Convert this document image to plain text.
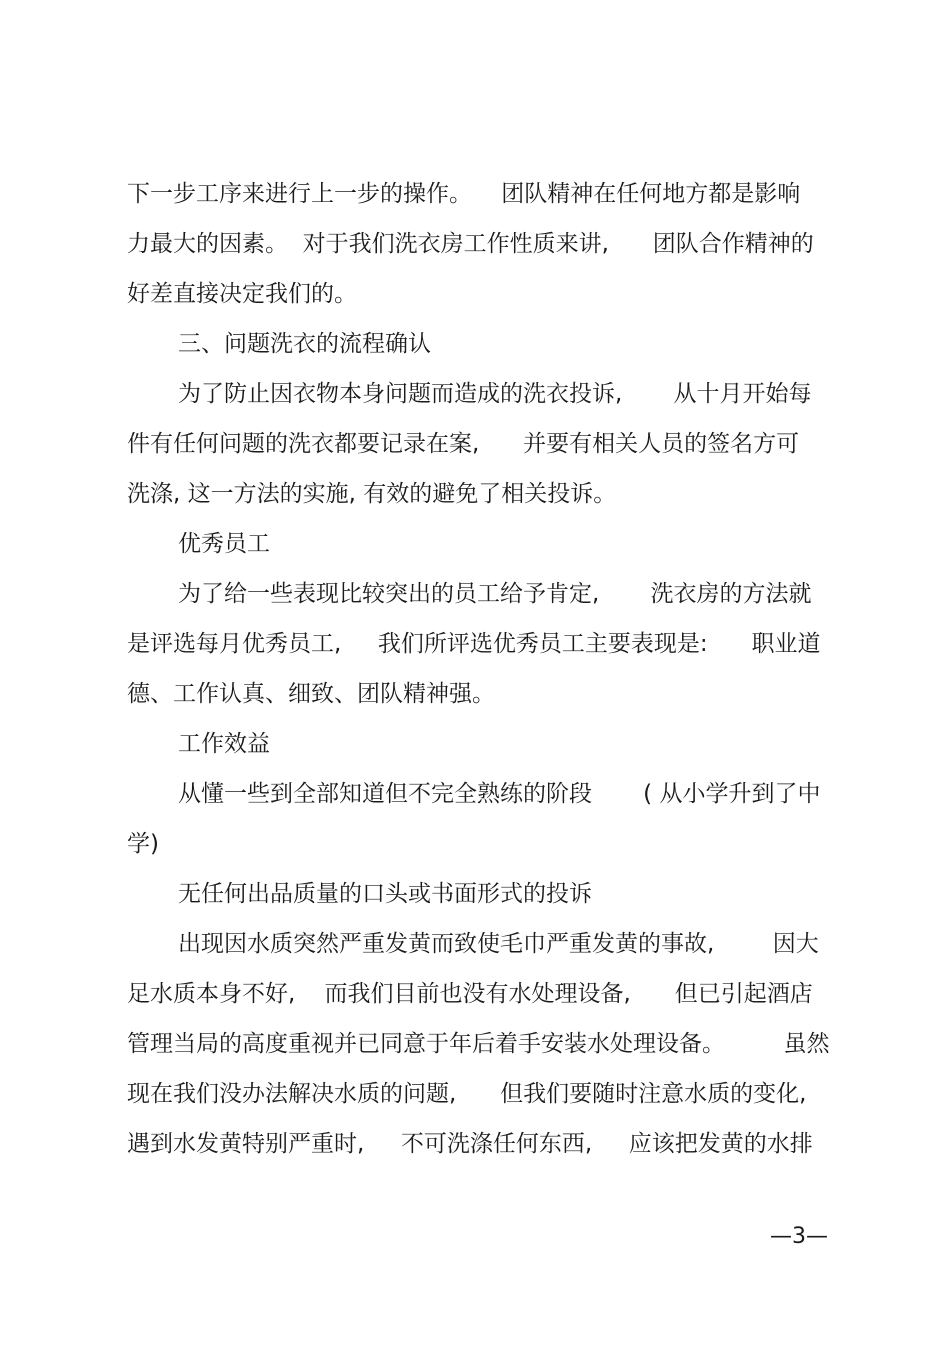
下一步工序来进行上一步的操作。    团队精神在任何地方都是影响
力最大的因素。  对于我们洗衣房工作性质来讲,      团队合作精神的
好差直接决定我们的。
三、问题洗衣的流程确认
为了防止因衣物本身问题而造成的洗衣投诉,       从十月开始每
件有任何问题的洗衣都要记录在案,      并要有相关人员的签名方可
洗涤, 这一方法的实施, 有效的避免了相关投诉。
优秀员工
为了给一些表现比较突出的员工给予肯定,       洗衣房的方法就
是评选每月优秀员工,     我们所评选优秀员工主要表现是:      职业道
德、工作认真、细致、团队精神强。
工作效益
从懂一些到全部知道但不完全熟练的阶段       ( 从小学升到了中
学)
无任何出品质量的口头或书面形式的投诉
出现因水质突然严重发黄而致使毛巾严重发黄的事故,        因大
足水质本身不好,    而我们目前也没有水处理设备,      但已引起酒店
管理当局的高度重视并已同意于年后着手安装水处理设备。        虽然
现在我们没办法解决水质的问题,      但我们要随时注意水质的变化,
遇到水发黄特别严重时,     不可洗涤任何东西,     应该把发黄的水排
—3—
